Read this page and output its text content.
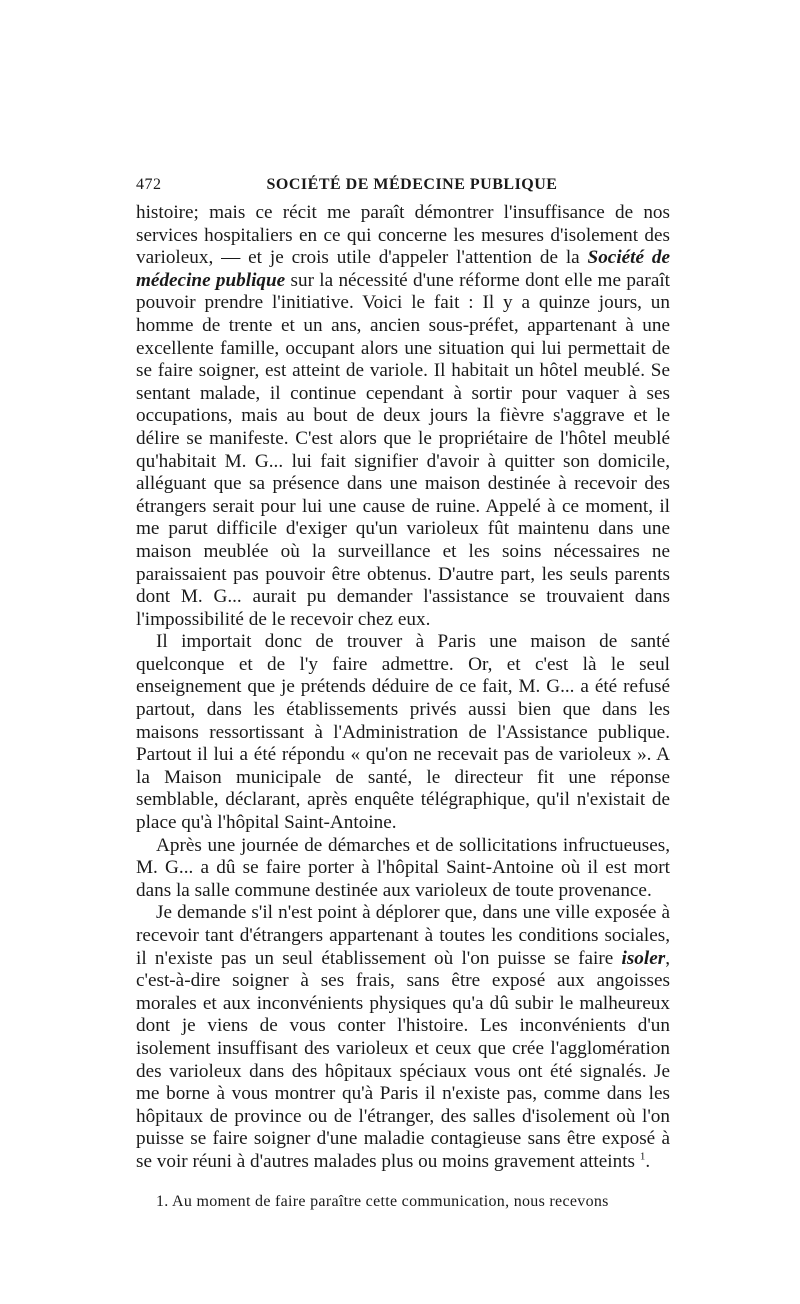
472	SOCIÉTÉ DE MÉDECINE PUBLIQUE

histoire; mais ce récit me paraît démontrer l'insuffisance de nos services hospitaliers en ce qui concerne les mesures d'isolement des varioleux, — et je crois utile d'appeler l'attention de la Société de médecine publique sur la nécessité d'une réforme dont elle me paraît pouvoir prendre l'initiative. Voici le fait : Il y a quinze jours, un homme de trente et un ans, ancien sous-préfet, appartenant à une excellente famille, occupant alors une situation qui lui permettait de se faire soigner, est atteint de variole. Il habitait un hôtel meublé. Se sentant malade, il continue cependant à sortir pour vaquer à ses occupations, mais au bout de deux jours la fièvre s'aggrave et le délire se manifeste. C'est alors que le propriétaire de l'hôtel meublé qu'habitait M. G... lui fait signifier d'avoir à quitter son domicile, alléguant que sa présence dans une maison destinée à recevoir des étrangers serait pour lui une cause de ruine. Appelé à ce moment, il me parut difficile d'exiger qu'un varioleux fût maintenu dans une maison meublée où la surveillance et les soins nécessaires ne paraissaient pas pouvoir être obtenus. D'autre part, les seuls parents dont M. G... aurait pu demander l'assistance se trouvaient dans l'impossibilité de le recevoir chez eux.

Il importait donc de trouver à Paris une maison de santé quelconque et de l'y faire admettre. Or, et c'est là le seul enseignement que je prétends déduire de ce fait, M. G... a été refusé partout, dans les établissements privés aussi bien que dans les maisons ressortissant à l'Administration de l'Assistance publique. Partout il lui a été répondu « qu'on ne recevait pas de varioleux ». A la Maison municipale de santé, le directeur fit une réponse semblable, déclarant, après enquête télégraphique, qu'il n'existait de place qu'à l'hôpital Saint-Antoine.

Après une journée de démarches et de sollicitations infructueuses, M. G... a dû se faire porter à l'hôpital Saint-Antoine où il est mort dans la salle commune destinée aux varioleux de toute provenance.

Je demande s'il n'est point à déplorer que, dans une ville exposée à recevoir tant d'étrangers appartenant à toutes les conditions sociales, il n'existe pas un seul établissement où l'on puisse se faire isoler, c'est-à-dire soigner à ses frais, sans être exposé aux angoisses morales et aux inconvénients physiques qu'a dû subir le malheureux dont je viens de vous conter l'histoire. Les inconvénients d'un isolement insuffisant des varioleux et ceux que crée l'agglomération des varioleux dans des hôpitaux spéciaux vous ont été signalés. Je me borne à vous montrer qu'à Paris il n'existe pas, comme dans les hôpitaux de province ou de l'étranger, des salles d'isolement où l'on puisse se faire soigner d'une maladie contagieuse sans être exposé à se voir réuni à d'autres malades plus ou moins gravement atteints $^1$.

1. Au moment de faire paraître cette communication, nous recevons
